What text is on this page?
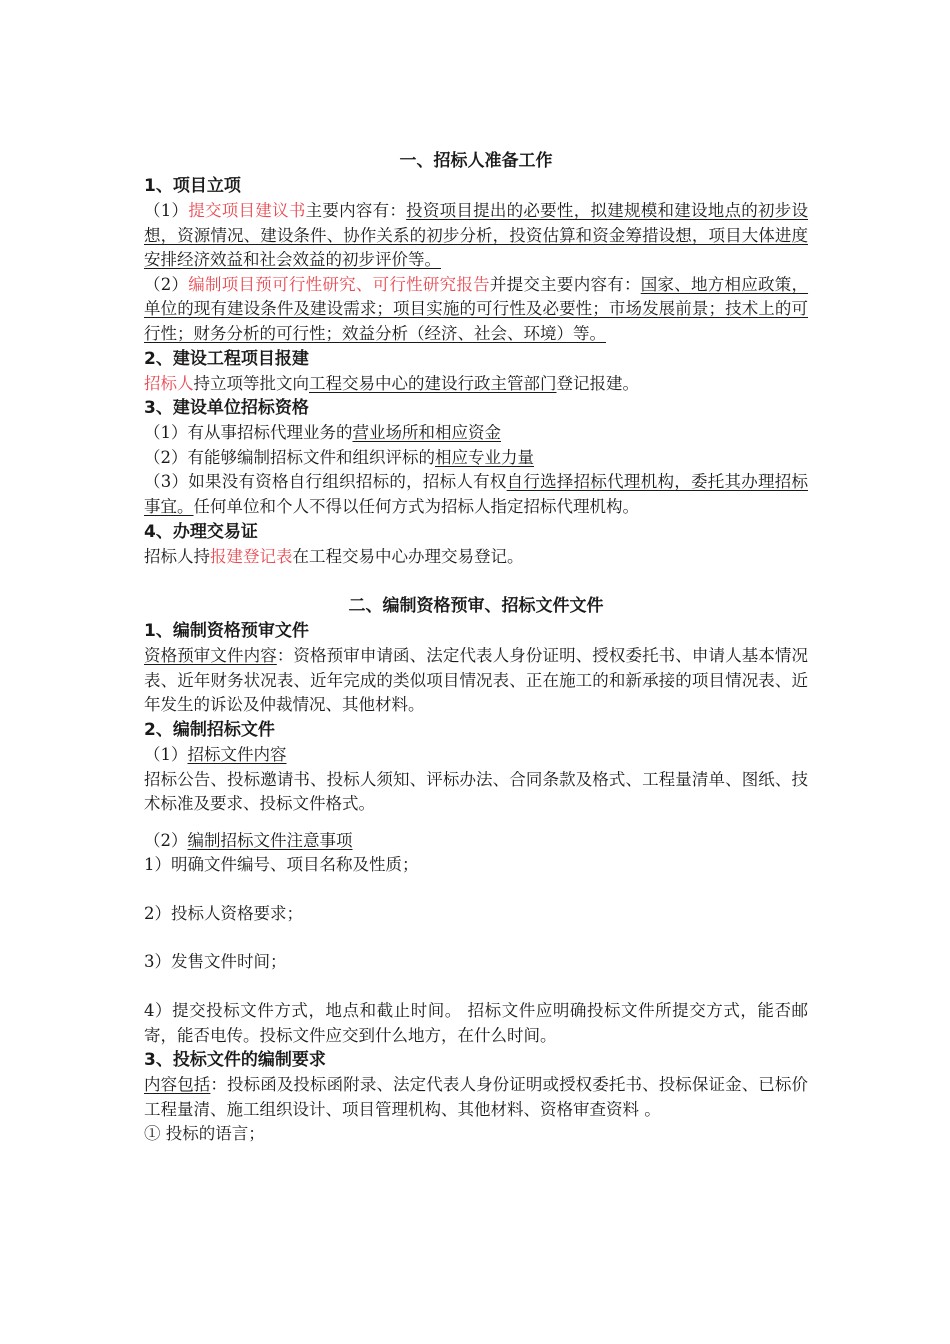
一、招标人准备工作
1、项目立项
（1）提交项目建议书主要内容有：投资项目提出的必要性，拟建规模和建设地点的初步设想，资源情况、建设条件、协作关系的初步分析，投资估算和资金筹措设想，项目大体进度安排经济效益和社会效益的初步评价等。
（2）编制项目预可行性研究、可行性研究报告并提交主要内容有：国家、地方相应政策，单位的现有建设条件及建设需求；项目实施的可行性及必要性；市场发展前景；技术上的可行性；财务分析的可行性；效益分析（经济、社会、环境）等。
2、建设工程项目报建
招标人持立项等批文向工程交易中心的建设行政主管部门登记报建。
3、建设单位招标资格
（1）有从事招标代理业务的营业场所和相应资金
（2）有能够编制招标文件和组织评标的相应专业力量
（3）如果没有资格自行组织招标的，招标人有权自行选择招标代理机构，委托其办理招标事宜。任何单位和个人不得以任何方式为招标人指定招标代理机构。
4、办理交易证
招标人持报建登记表在工程交易中心办理交易登记。
二、编制资格预审、招标文件文件
1、编制资格预审文件
资格预审文件内容：资格预审申请函、法定代表人身份证明、授权委托书、申请人基本情况表、近年财务状况表、近年完成的类似项目情况表、正在施工的和新承接的项目情况表、近年发生的诉讼及仲裁情况、其他材料。
2、编制招标文件
（1）招标文件内容
招标公告、投标邀请书、投标人须知、评标办法、合同条款及格式、工程量清单、图纸、技术标准及要求、投标文件格式。
（2）编制招标文件注意事项
1）明确文件编号、项目名称及性质；
2）投标人资格要求；
3）发售文件时间；
4）提交投标文件方式，地点和截止时间。 招标文件应明确投标文件所提交方式，能否邮寄，能否电传。投标文件应交到什么地方，在什么时间。
3、投标文件的编制要求
内容包括：投标函及投标函附录、法定代表人身份证明或授权委托书、投标保证金、已标价工程量清、施工组织设计、项目管理机构、其他材料、资格审查资料 。
① 投标的语言；
